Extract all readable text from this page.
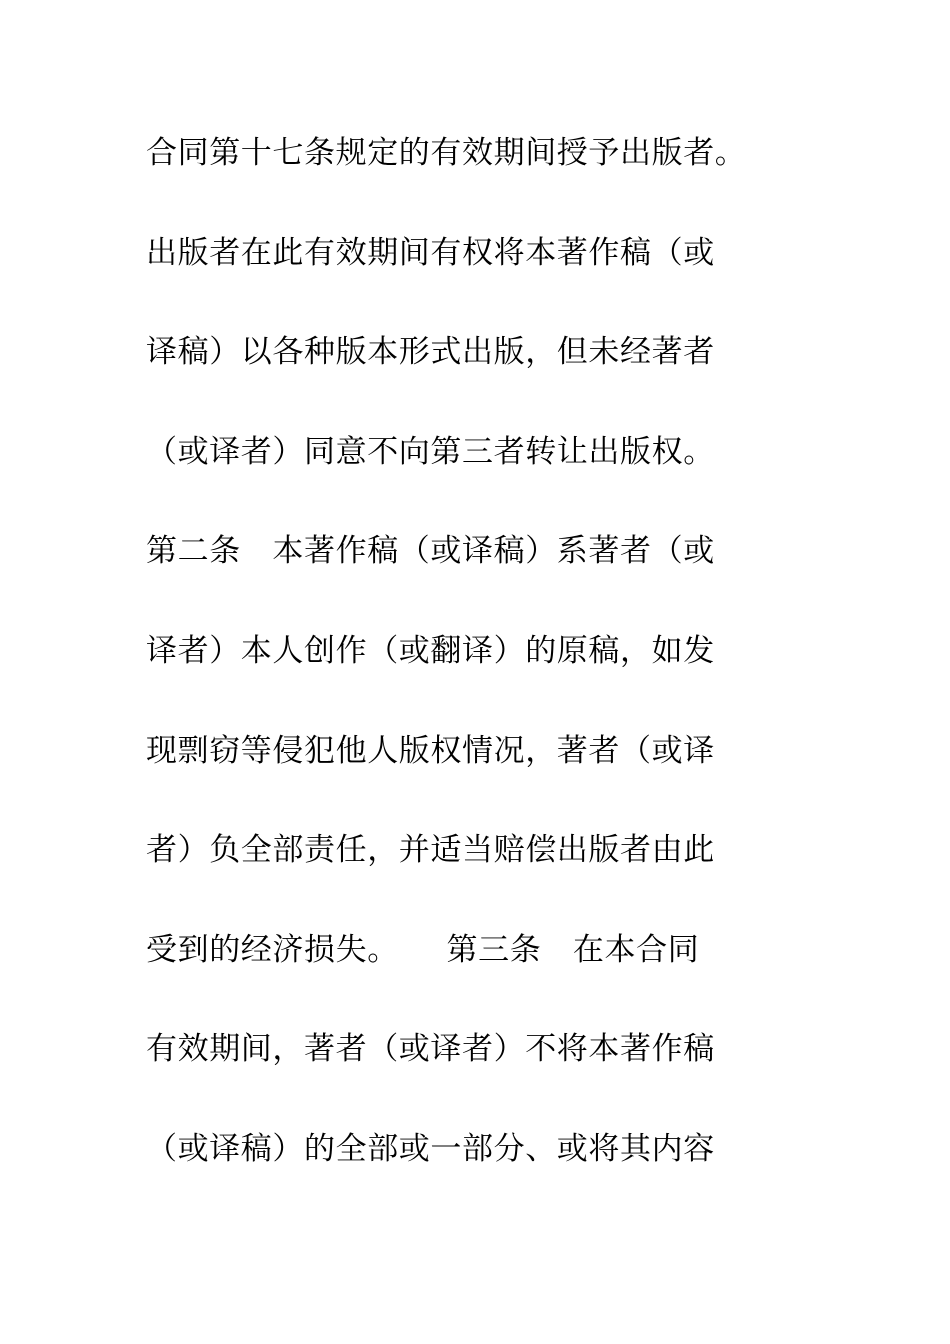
合同第十七条规定的有效期间授予出版者。
出版者在此有效期间有权将本著作稿（或
译稿）以各种版本形式出版，但未经著者
（或译者）同意不向第三者转让出版权。
第二条　本著作稿（或译稿）系著者（或
译者）本人创作（或翻译）的原稿，如发
现剽窃等侵犯他人版权情况，著者（或译
者）负全部责任，并适当赔偿出版者由此
受到的经济损失。　　第三条　在本合同
有效期间，著者（或译者）不将本著作稿
（或译稿）的全部或一部分、或将其内容
